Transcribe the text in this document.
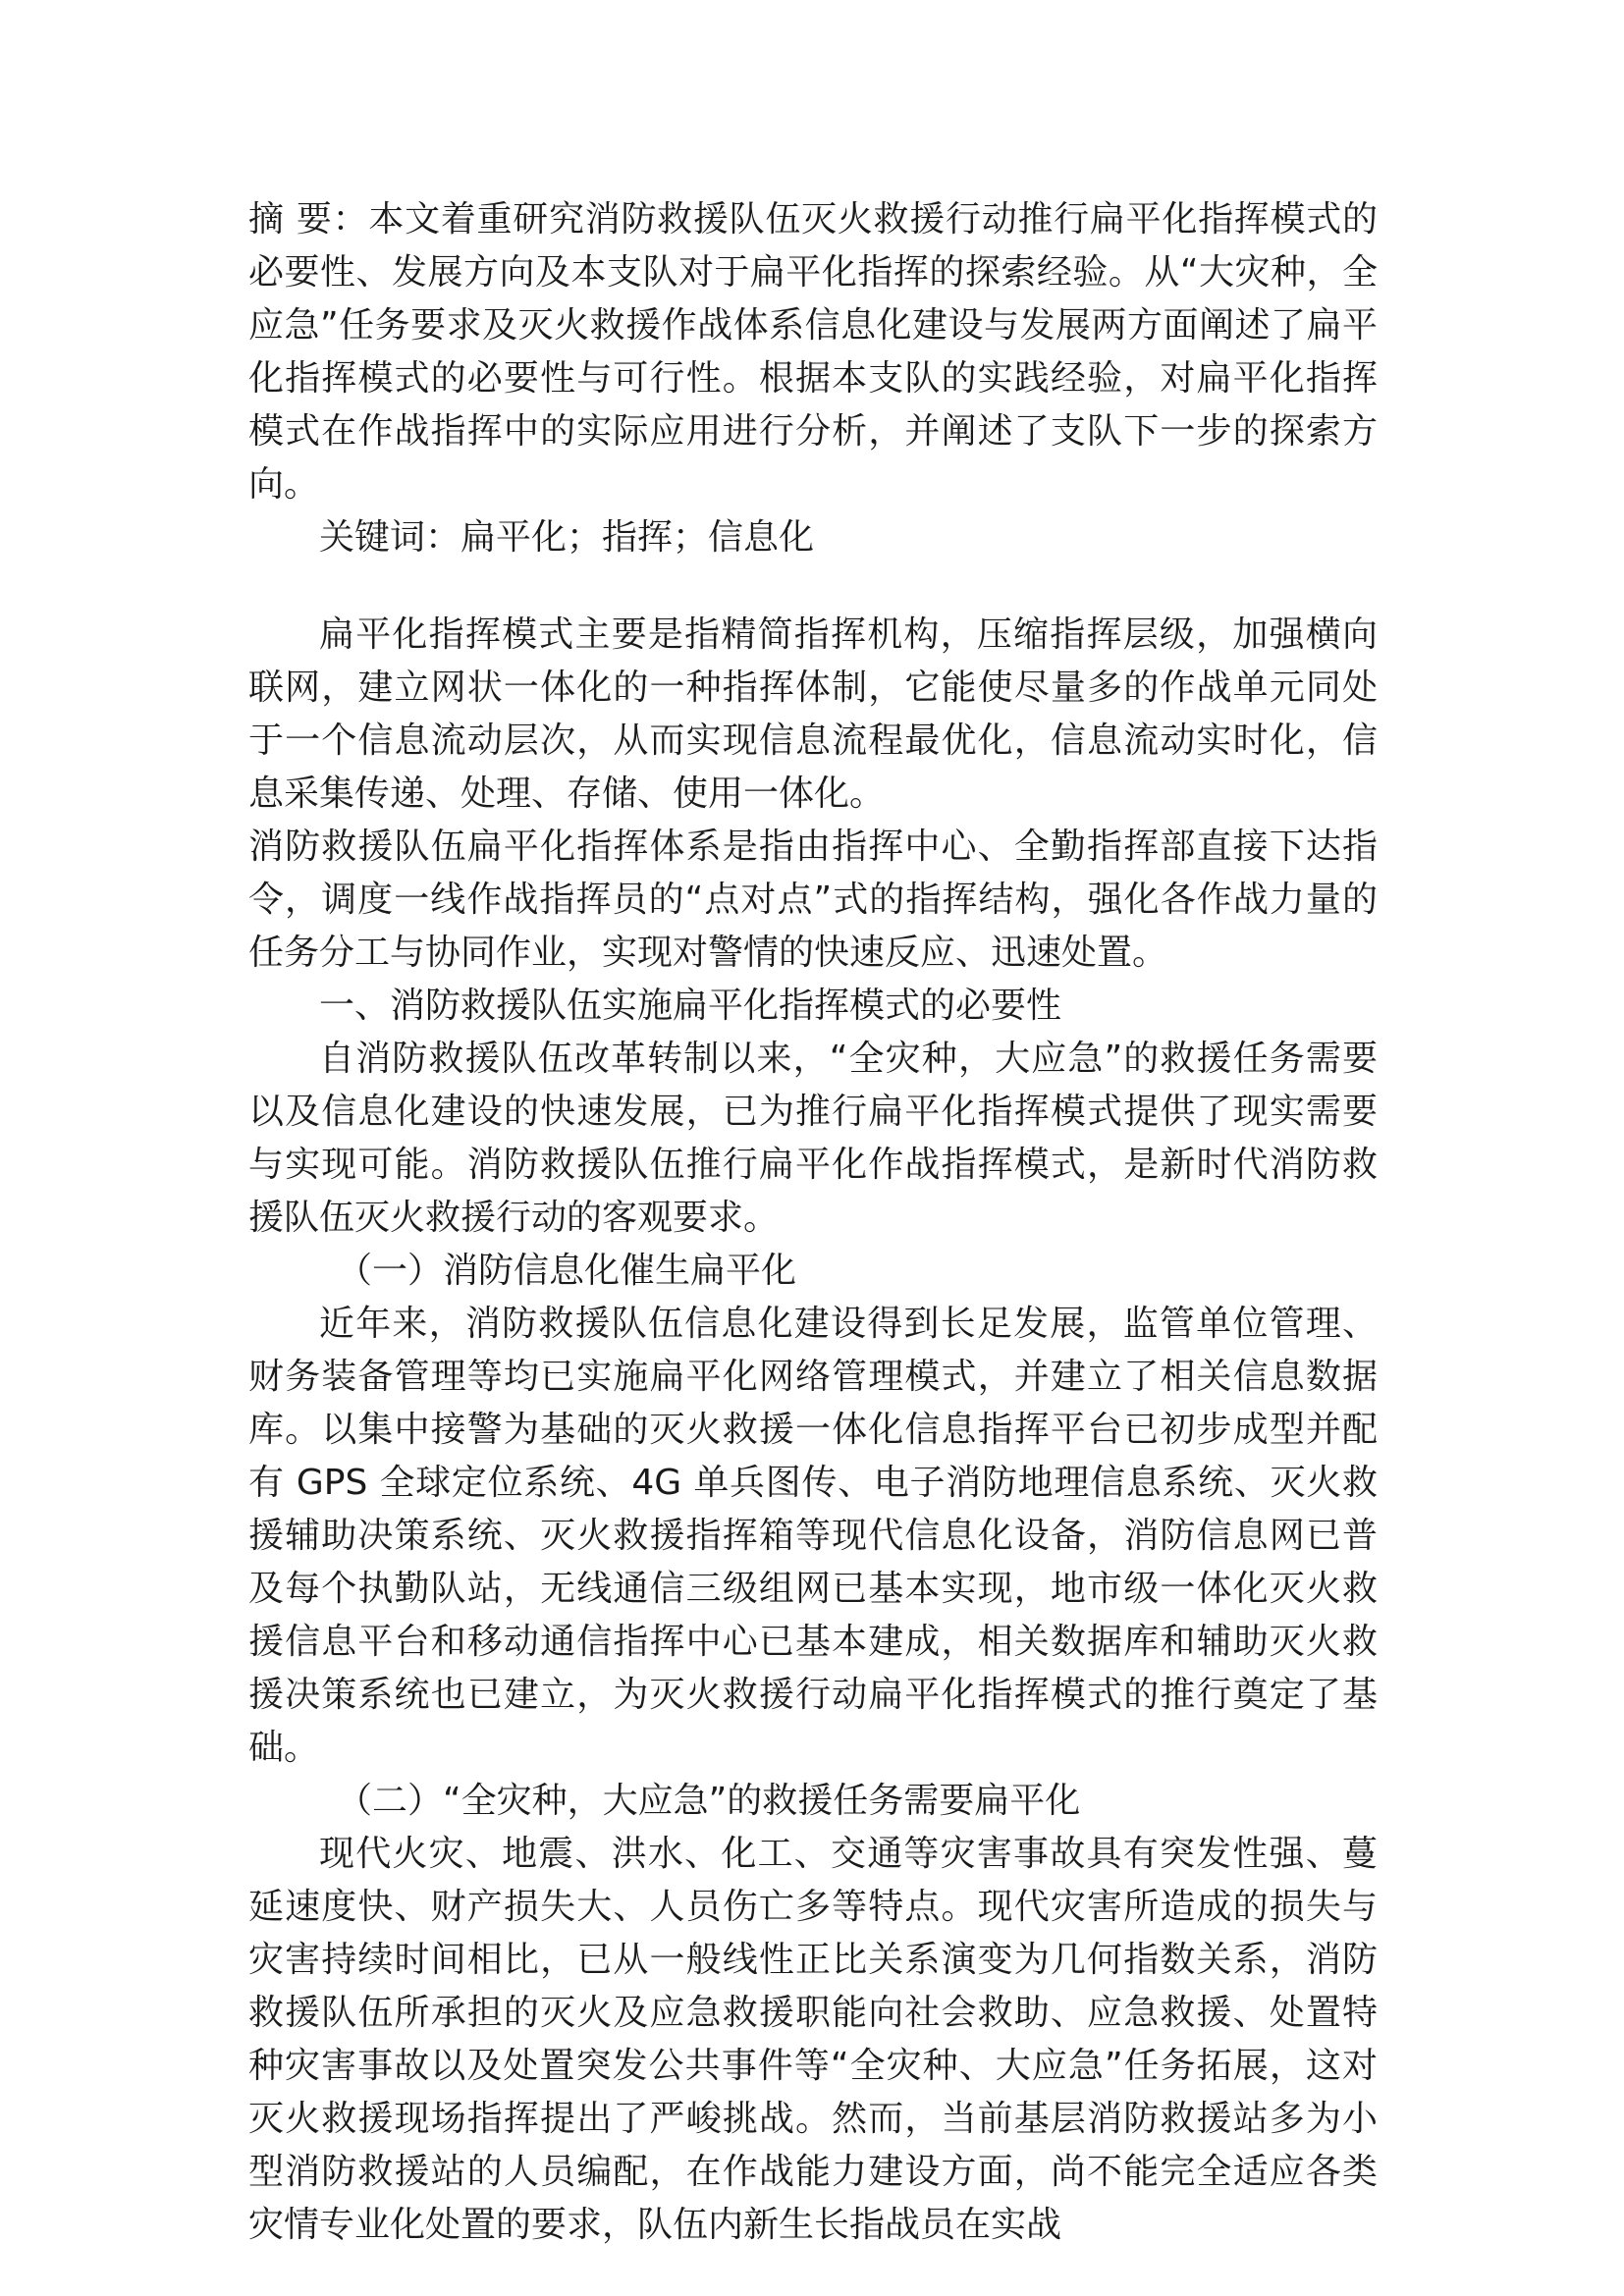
摘 要：本文着重研究消防救援队伍灭火救援行动推行扁平化指挥模式的必要性、发展方向及本支队对于扁平化指挥的探索经验。从“大灾种，全应急”任务要求及灭火救援作战体系信息化建设与发展两方面阐述了扁平化指挥模式的必要性与可行性。根据本支队的实践经验，对扁平化指挥模式在作战指挥中的实际应用进行分析，并阐述了支队下一步的探索方向。

关键词：扁平化；指挥；信息化

扁平化指挥模式主要是指精简指挥机构，压缩指挥层级，加强横向联网，建立网状一体化的一种指挥体制，它能使尽量多的作战单元同处于一个信息流动层次，从而实现信息流程最优化，信息流动实时化，信息采集传递、处理、存储、使用一体化。

消防救援队伍扁平化指挥体系是指由指挥中心、全勤指挥部直接下达指令，调度一线作战指挥员的“点对点”式的指挥结构，强化各作战力量的任务分工与协同作业，实现对警情的快速反应、迅速处置。

一、消防救援队伍实施扁平化指挥模式的必要性

自消防救援队伍改革转制以来，“全灾种，大应急”的救援任务需要以及信息化建设的快速发展，已为推行扁平化指挥模式提供了现实需要与实现可能。消防救援队伍推行扁平化作战指挥模式，是新时代消防救援队伍灭火救援行动的客观要求。

（一）消防信息化催生扁平化

近年来，消防救援队伍信息化建设得到长足发展，监管单位管理、财务装备管理等均已实施扁平化网络管理模式，并建立了相关信息数据库。以集中接警为基础的灭火救援一体化信息指挥平台已初步成型并配有 GPS 全球定位系统、4G 单兵图传、电子消防地理信息系统、灭火救援辅助决策系统、灭火救援指挥箱等现代信息化设备，消防信息网已普及每个执勤队站，无线通信三级组网已基本实现，地市级一体化灭火救援信息平台和移动通信指挥中心已基本建成，相关数据库和辅助灭火救援决策系统也已建立，为灭火救援行动扁平化指挥模式的推行奠定了基础。

（二）“全灾种，大应急”的救援任务需要扁平化

现代火灾、地震、洪水、化工、交通等灾害事故具有突发性强、蔓延速度快、财产损失大、人员伤亡多等特点。现代灾害所造成的损失与灾害持续时间相比，已从一般线性正比关系演变为几何指数关系，消防救援队伍所承担的灭火及应急救援职能向社会救助、应急救援、处置特种灾害事故以及处置突发公共事件等“全灾种、大应急”任务拓展，这对灭火救援现场指挥提出了严峻挑战。然而，当前基层消防救援站多为小型消防救援站的人员编配，在作战能力建设方面，尚不能完全适应各类灾情专业化处置的要求，队伍内新生长指战员在实战
